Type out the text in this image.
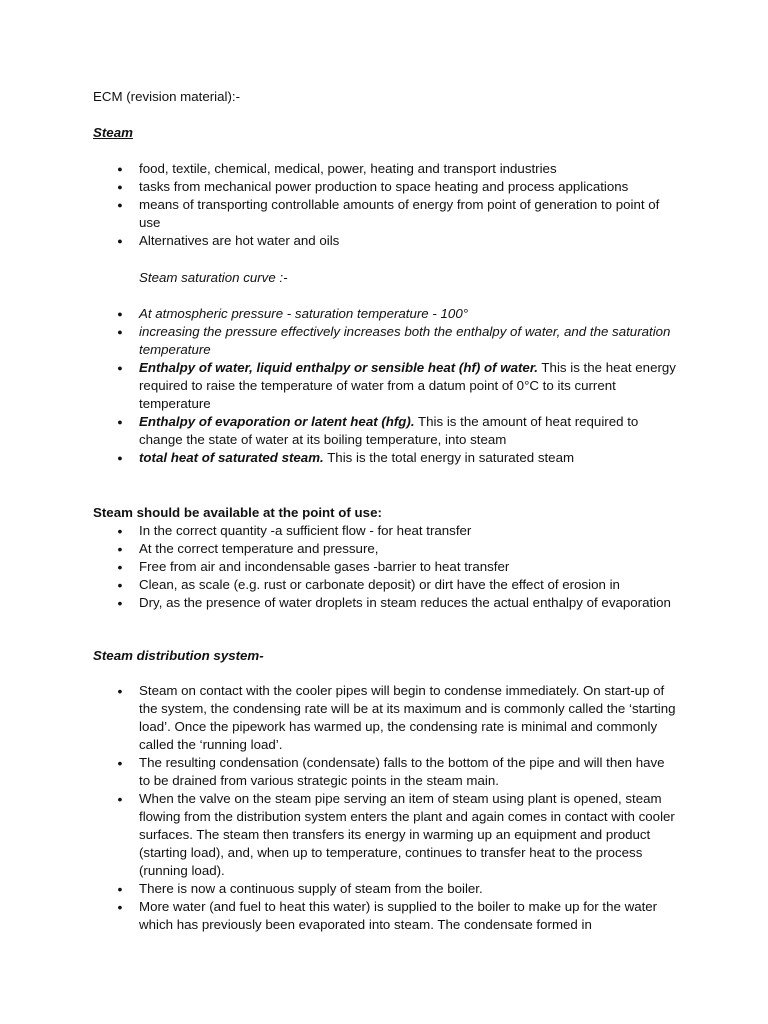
ECM (revision material):-
Steam
●
food, textile, chemical, medical, power, heating and transport industries
●
tasks from mechanical power production to space heating and process applications
●
means of transporting controllable amounts of energy from point of generation to point of use
●
Alternatives are hot water and oils
Steam saturation curve :-
●
At atmospheric pressure - saturation temperature - 100°
●
increasing the pressure effectively increases both the enthalpy of water, and the saturation temperature
●
Enthalpy of water, liquid enthalpy or sensible heat (hf) of water. This is the heat energy required to raise the temperature of water from a datum point of 0°C to its current temperature
●
Enthalpy of evaporation or latent heat (hfg). This is the amount of heat required to change the state of water at its boiling temperature, into steam
●
total heat of saturated steam. This is the total energy in saturated steam
Steam should be available at the point of use:
•
In the correct quantity -a sufficient flow - for heat transfer
•
At the correct temperature and pressure,
•
Free from air and incondensable gases -barrier to heat transfer
•
Clean, as scale (e.g. rust or carbonate deposit) or dirt have the effect of erosion in
•
Dry, as the presence of water droplets in steam reduces the actual enthalpy of evaporation
Steam distribution system-
•
Steam on contact with the cooler pipes will begin to condense immediately. On start-up of the system, the condensing rate will be at its maximum and is commonly called the ‘starting load’. Once the pipework has warmed up, the condensing rate is minimal and commonly called the ‘running load’.
•
The resulting condensation (condensate) falls to the bottom of the pipe and will then have to be drained from various strategic points in the steam main.
•
When the valve on the steam pipe serving an item of steam using plant is opened, steam flowing from the distribution system enters the plant and again comes in contact with cooler surfaces. The steam then transfers its energy in warming up an equipment and product (starting load), and, when up to temperature, continues to transfer heat to the process (running load).
•
There is now a continuous supply of steam from the boiler.
•
More water (and fuel to heat this water) is supplied to the boiler to make up for the water which has previously been evaporated into steam. The condensate formed in
